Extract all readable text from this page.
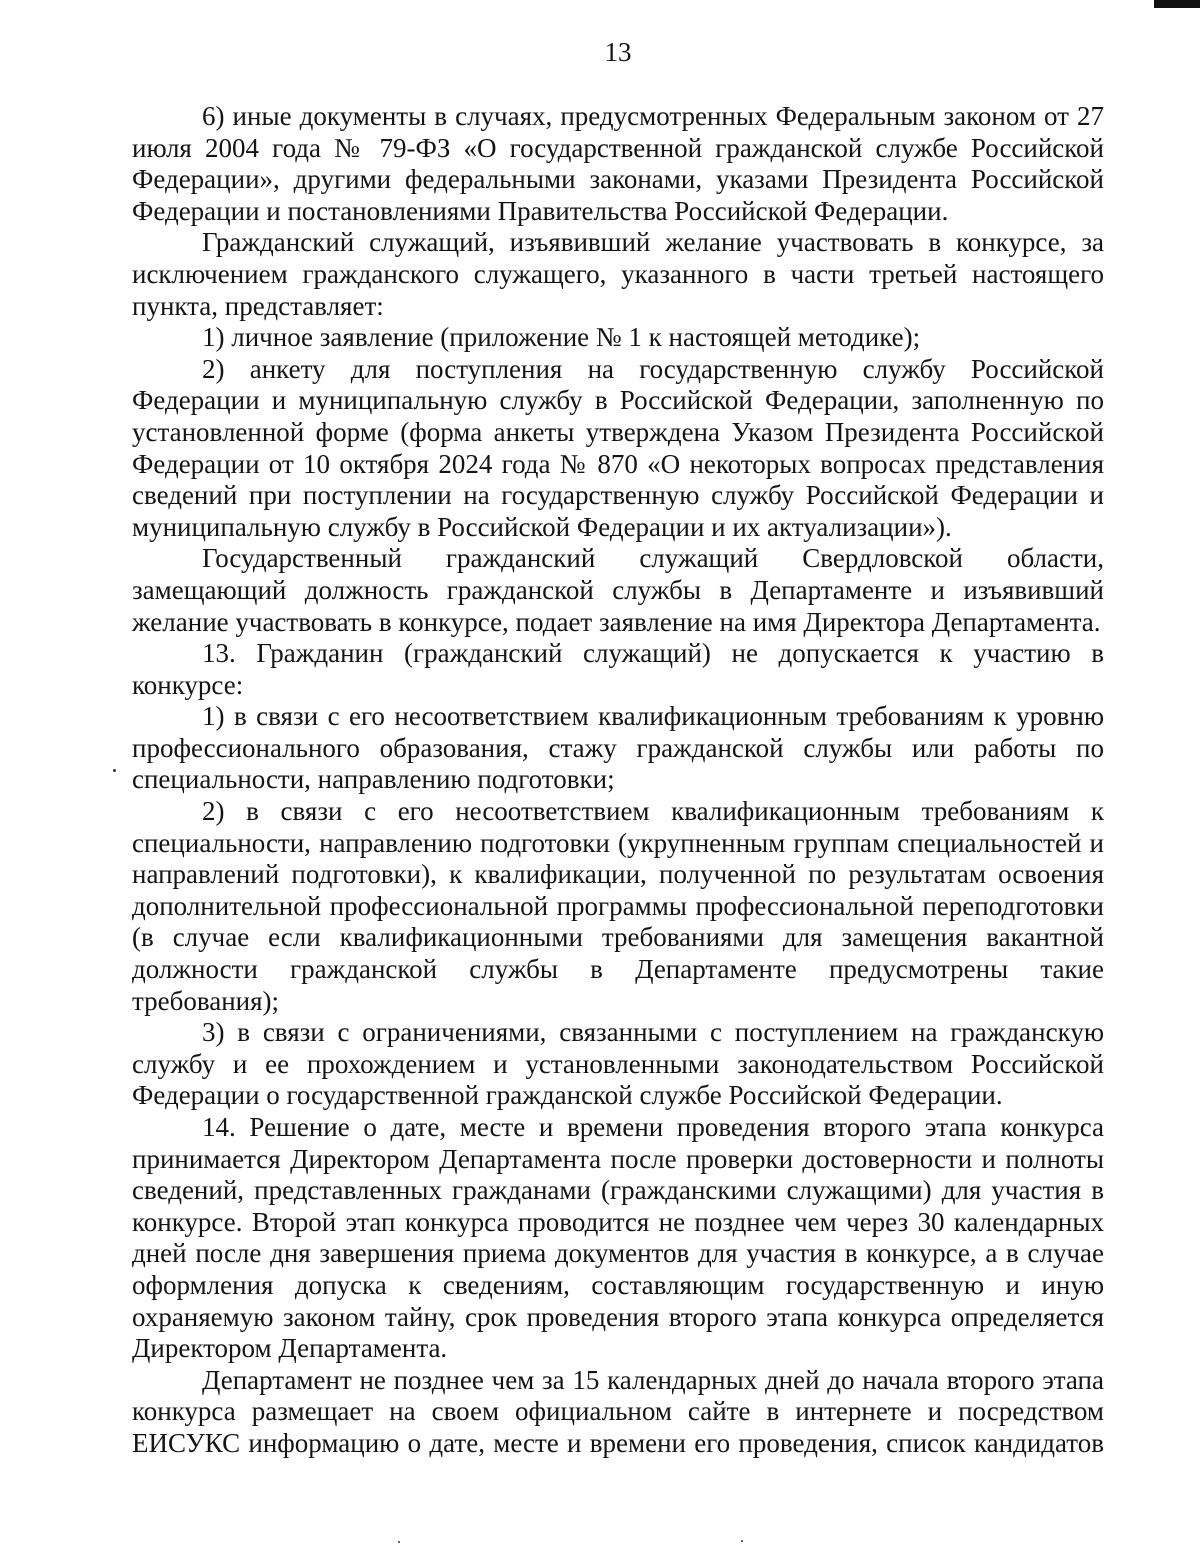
13

6) иные документы в случаях, предусмотренных Федеральным законом от 27 июля 2004 года № 79-ФЗ «О государственной гражданской службе Российской Федерации», другими федеральными законами, указами Президента Российской Федерации и постановлениями Правительства Российской Федерации.

Гражданский служащий, изъявивший желание участвовать в конкурсе, за исключением гражданского служащего, указанного в части третьей настоящего пункта, представляет:

1) личное заявление (приложение № 1 к настоящей методике);

2) анкету для поступления на государственную службу Российской Федерации и муниципальную службу в Российской Федерации, заполненную по установленной форме (форма анкеты утверждена Указом Президента Российской Федерации от 10 октября 2024 года № 870 «О некоторых вопросах представления сведений при поступлении на государственную службу Российской Федерации и муниципальную службу в Российской Федерации и их актуализации»).

Государственный гражданский служащий Свердловской области, замещающий должность гражданской службы в Департаменте и изъявивший желание участвовать в конкурсе, подает заявление на имя Директора Департамента.

13. Гражданин (гражданский служащий) не допускается к участию в конкурсе:

1) в связи с его несоответствием квалификационным требованиям к уровню профессионального образования, стажу гражданской службы или работы по специальности, направлению подготовки;

2) в связи с его несоответствием квалификационным требованиям к специальности, направлению подготовки (укрупненным группам специальностей и направлений подготовки), к квалификации, полученной по результатам освоения дополнительной профессиональной программы профессиональной переподготовки (в случае если квалификационными требованиями для замещения вакантной должности гражданской службы в Департаменте предусмотрены такие требования);

3) в связи с ограничениями, связанными с поступлением на гражданскую службу и ее прохождением и установленными законодательством Российской Федерации о государственной гражданской службе Российской Федерации.

14. Решение о дате, месте и времени проведения второго этапа конкурса принимается Директором Департамента после проверки достоверности и полноты сведений, представленных гражданами (гражданскими служащими) для участия в конкурсе. Второй этап конкурса проводится не позднее чем через 30 календарных дней после дня завершения приема документов для участия в конкурсе, а в случае оформления допуска к сведениям, составляющим государственную и иную охраняемую законом тайну, срок проведения второго этапа конкурса определяется Директором Департамента.

Департамент не позднее чем за 15 календарных дней до начала второго этапа конкурса размещает на своем официальном сайте в интернете и посредством ЕИСУКС информацию о дате, месте и времени его проведения, список кандидатов
